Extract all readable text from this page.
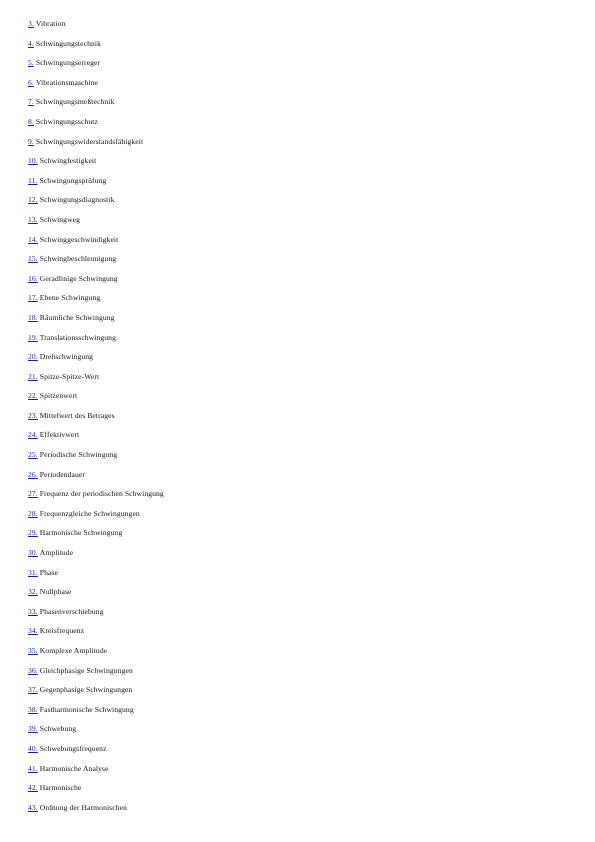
3. Vibration
4. Schwingungstechnik
5. Schwingungserreger
6. Vibrationsmaschine
7. Schwingungsmeßtechnik
8. Schwingungsschutz
9. Schwingungswiderstandsfähigkeit
10. Schwingfestigkeit
11. Schwingungsprüfung
12. Schwingungsdiagnostik
13. Schwingweg
14. Schwinggeschwindigkeit
15. Schwingbeschleunigung
16. Geradlinige Schwingung
17. Ebene Schwingung
18. Räumliche Schwingung
19. Translationsschwingung
20. Drehschwingung
21. Spitze-Spitze-Wert
22. Spitzenwert
23. Mittelwert des Betrages
24. Effektivwert
25. Periodische Schwingung
26. Periodendauer
27. Frequenz der periodischen Schwingung
28. Frequenzgleiche Schwingungen
29. Harmonische Schwingung
30. Amplitude
31. Phase
32. Nullphase
33. Phasenverschiebung
34. Kreisfrequenz
35. Komplexe Amplitude
36. Gleichphasige Schwingungen
37. Gegenphasige Schwingungen
38. Fastharmonische Schwingung
39. Schwebung
40. Schwebungsfrequenz
41. Harmonische Analyse
42. Harmonische
43. Ordnung der Harmonischen
